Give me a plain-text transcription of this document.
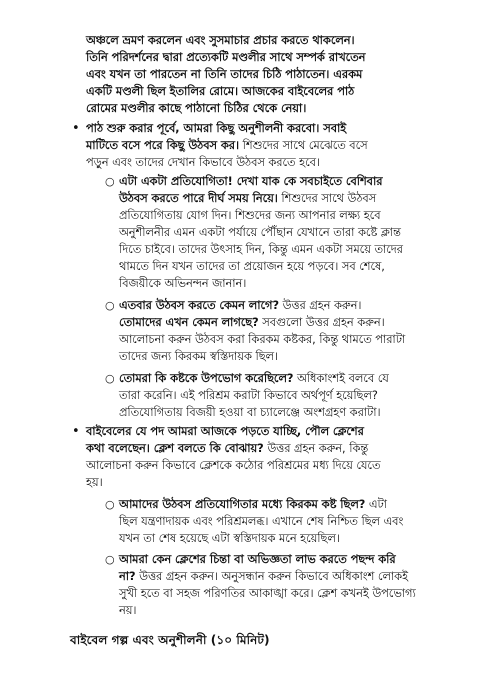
অঞ্চলে ভ্রমণ করলেন এবং সুসমাচার প্রচার করতে থাকলেন।
তিনি পরিদর্শনের দ্বারা প্রত্যেকটি মণ্ডলীর সাথে সম্পর্ক রাখতেন
এবং যখন তা পারতেন না তিনি তাদের চিঠি পাঠাতেন। এরকম
একটি মণ্ডলী ছিল ইতালির রোমে। আজকের বাইবেলের পাঠ
রোমের মণ্ডলীর কাছে পাঠানো চিঠির থেকে নেয়া।
• পাঠ শুরু করার পূর্বে, আমরা কিছু অনুশীলনী করবো। সবাই
মাটিতে বসে পরে কিছু উঠবস কর। শিশুদের সাথে মেঝেতে বসে
পড়ুন এবং তাদের দেখান কিভাবে উঠবস করতে হবে।
○ এটা একটা প্রতিযোগিতা! দেখা যাক কে সবচাইতে বেশিবার
উঠবস করতে পারে দীর্ঘ সময় নিয়ে। শিশুদের সাথে উঠবস
প্রতিযোগিতায় যোগ দিন। শিশুদের জন্য আপনার লক্ষ্য হবে
অনুশীলনীর এমন একটা পর্যায়ে পৌঁছান যেখানে তারা কষ্টে ক্লান্ত
দিতে চাইবে। তাদের উৎসাহ দিন, কিন্তু এমন একটা সময়ে তাদের
থামতে দিন যখন তাদের তা প্রয়োজন হয়ে পড়বে। সব শেষে,
বিজয়ীকে অভিনন্দন জানান।
○ এতবার উঠবস করতে কেমন লাগে? উত্তর গ্রহন করুন।
তোমাদের এখন কেমন লাগছে? সবগুলো উত্তর গ্রহন করুন।
আলোচনা করুন উঠবস করা কিরকম কষ্টকর, কিন্তু থামতে পারাটা
তাদের জন্য কিরকম স্বস্তিদায়ক ছিল।
○ তোমরা কি কষ্টকে উপভোগ করেছিলে? অধিকাংশই বলবে যে
তারা করেনি। এই পরিশ্রম করাটা কিভাবে অর্থপূর্ণ হয়েছিল?
প্রতিযোগিতায় বিজয়ী হওয়া বা চ্যালেঞ্জে অংশগ্রহণ করাটা।
• বাইবেলের যে পদ আমরা আজকে পড়তে যাচ্ছি, পৌল ক্লেশের
কথা বলেছেন। ক্লেশ বলতে কি বোঝায়? উত্তর গ্রহন করুন, কিন্তু
আলোচনা করুন কিভাবে ক্লেশকে কঠোর পরিশ্রমের মধ্য দিয়ে যেতে
হয়।
○ আমাদের উঠবস প্রতিযোগিতার মধ্যে কিরকম কষ্ট ছিল? এটা
ছিল যন্ত্রণাদায়ক এবং পরিশ্রমলব্ধ। এখানে শেষ নিশ্চিত ছিল এবং
যখন তা শেষ হয়েছে এটা স্বস্তিদায়ক মনে হয়েছিল।
○ আমরা কেন ক্লেশের চিন্তা বা অভিজ্ঞতা লাভ করতে পছন্দ করি
না? উত্তর গ্রহন করুন। অনুসন্ধান করুন কিভাবে অধিকাংশ লোকই
সুখী হতে বা সহজ পরিণতির আকাঙ্খা করে। ক্লেশ কখনই উপভোগ্য
নয়।
বাইবেল গল্প এবং অনুশীলনী (১০ মিনিট)
